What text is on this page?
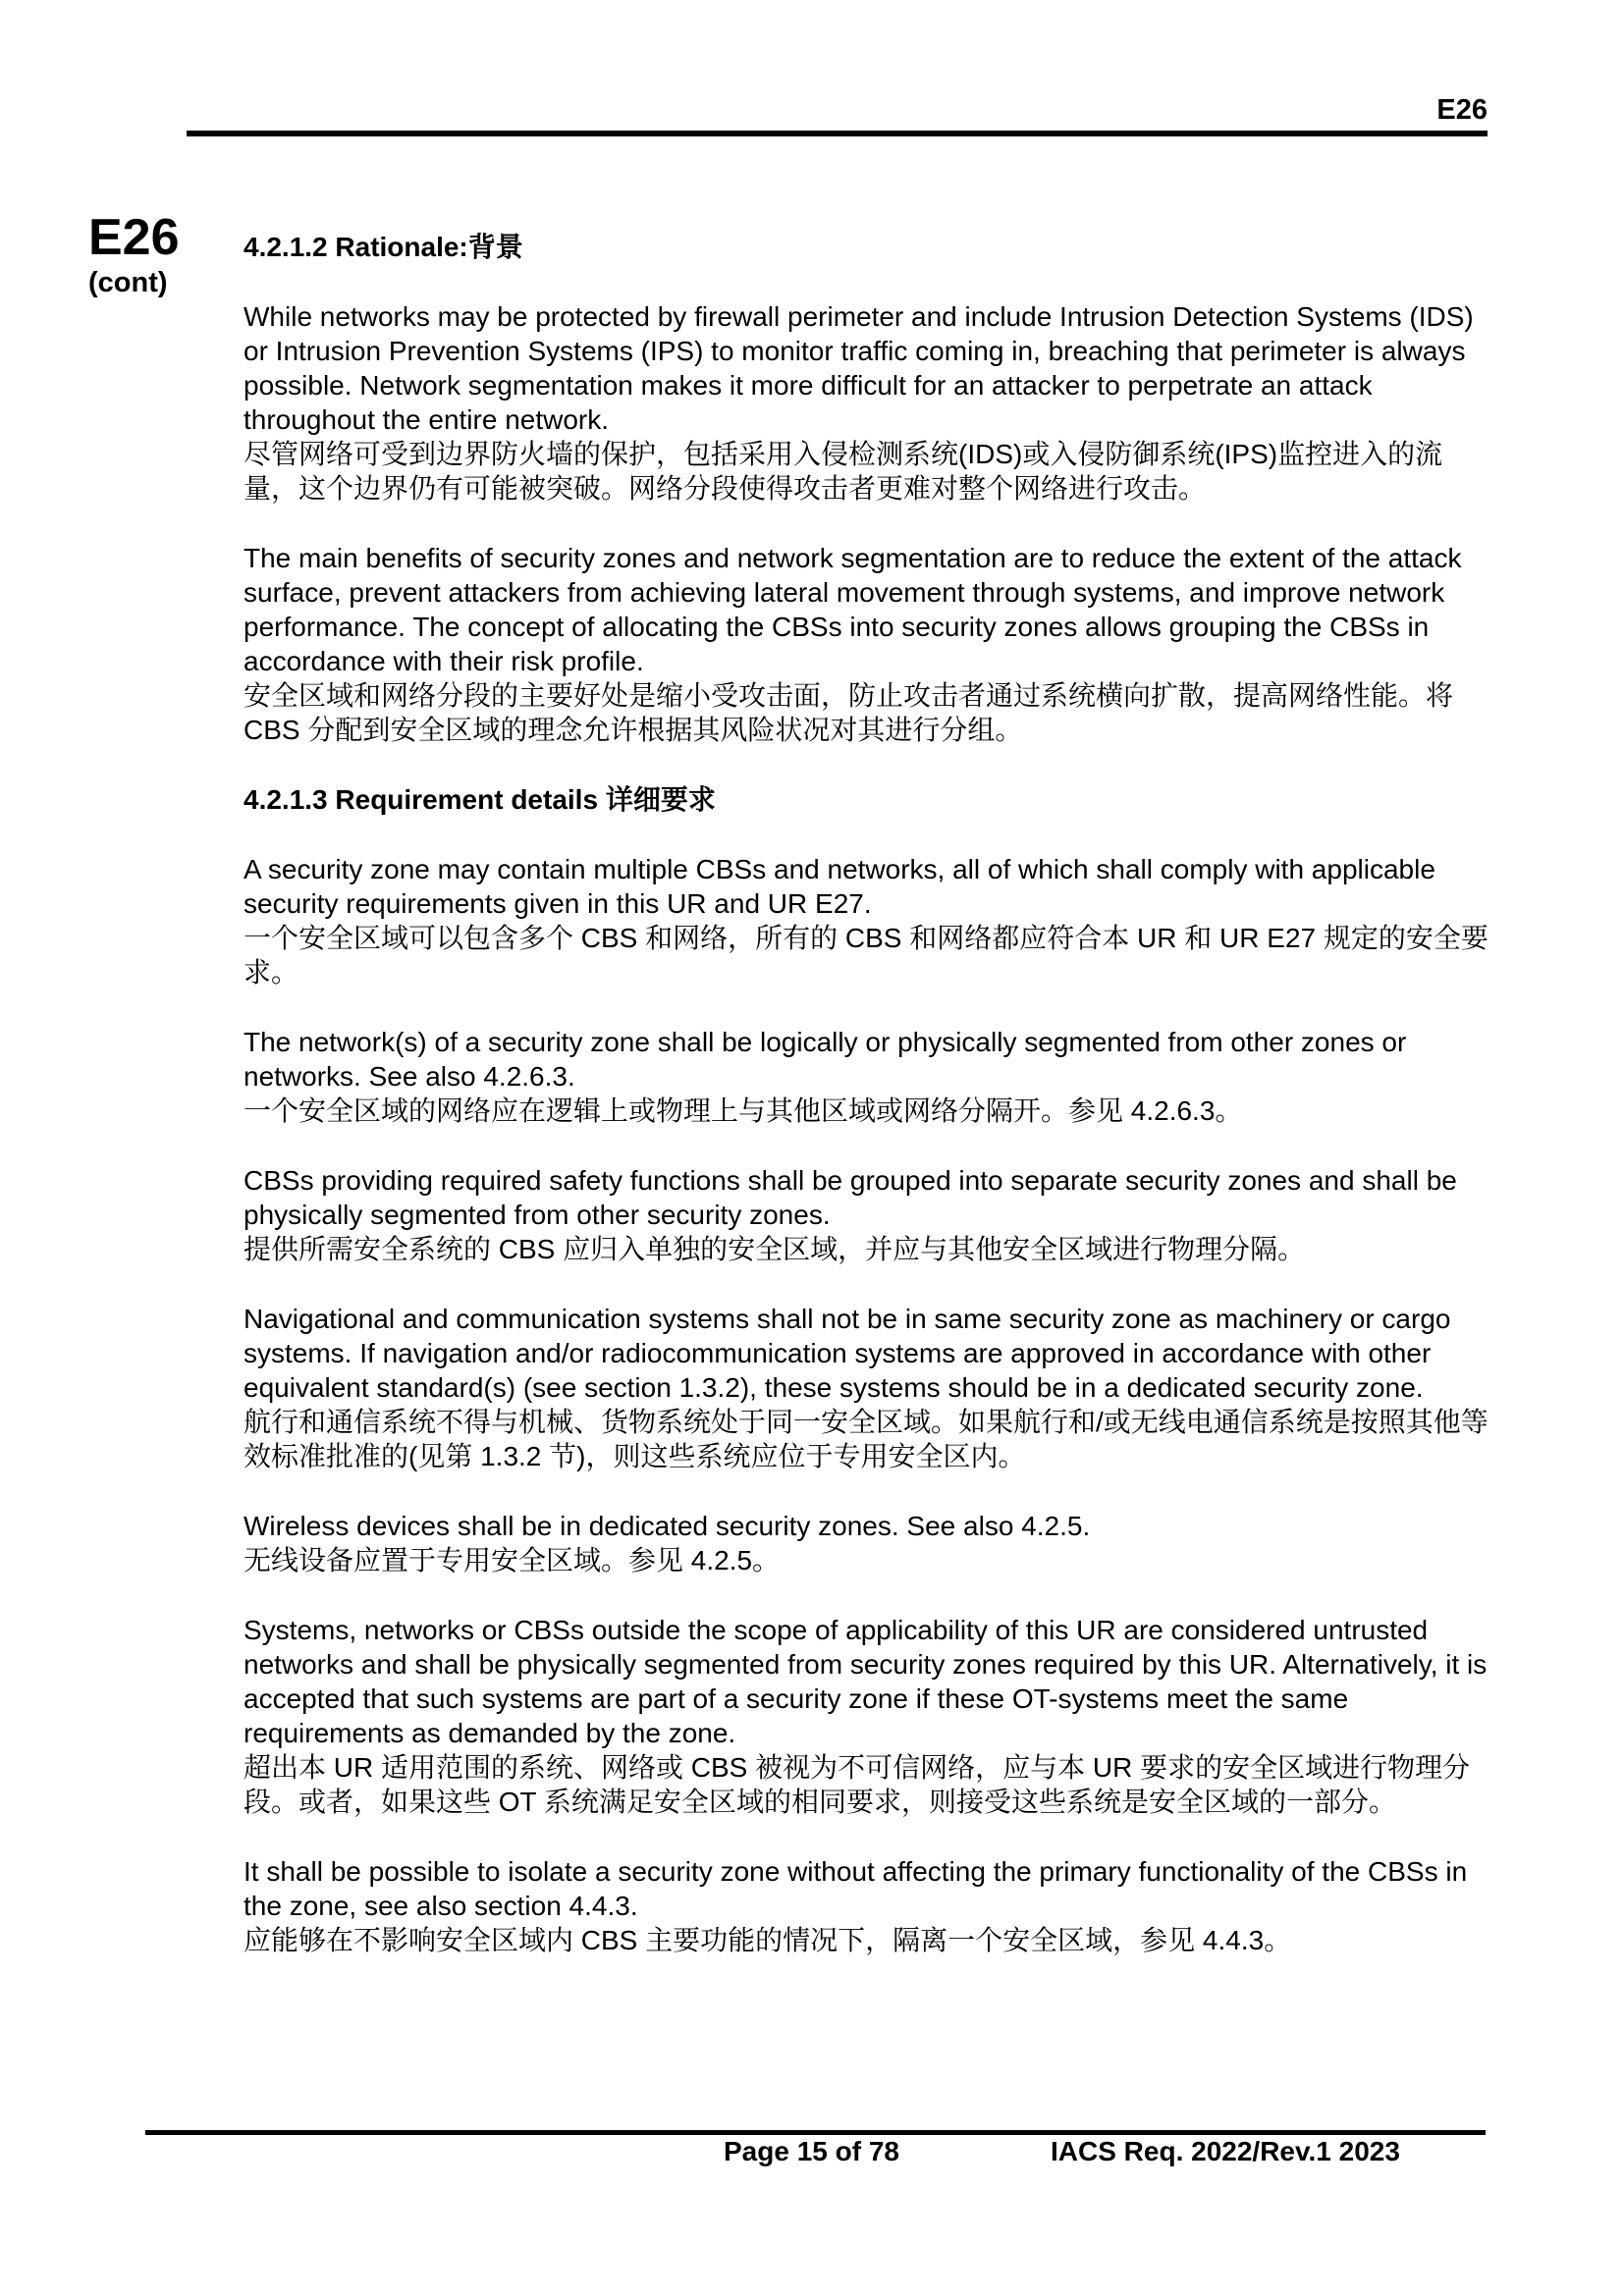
E26
E26
(cont)
4.2.1.2 Rationale:背景

While networks may be protected by firewall perimeter and include Intrusion Detection Systems (IDS) or Intrusion Prevention Systems (IPS) to monitor traffic coming in, breaching that perimeter is always possible. Network segmentation makes it more difficult for an attacker to perpetrate an attack throughout the entire network.
尽管网络可受到边界防火墙的保护，包括采用入侵检测系统(IDS)或入侵防御系统(IPS)监控进入的流量，这个边界仍有可能被突破。网络分段使得攻击者更难对整个网络进行攻击。

The main benefits of security zones and network segmentation are to reduce the extent of the attack surface, prevent attackers from achieving lateral movement through systems, and improve network performance. The concept of allocating the CBSs into security zones allows grouping the CBSs in accordance with their risk profile.
安全区域和网络分段的主要好处是缩小受攻击面，防止攻击者通过系统横向扩散，提高网络性能。将 CBS 分配到安全区域的理念允许根据其风险状况对其进行分组。

4.2.1.3 Requirement details 详细要求

A security zone may contain multiple CBSs and networks, all of which shall comply with applicable security requirements given in this UR and UR E27.
一个安全区域可以包含多个 CBS 和网络，所有的 CBS 和网络都应符合本 UR 和 UR E27 规定的安全要求。

The network(s) of a security zone shall be logically or physically segmented from other zones or networks. See also 4.2.6.3.
一个安全区域的网络应在逻辑上或物理上与其他区域或网络分隔开。参见 4.2.6.3。

CBSs providing required safety functions shall be grouped into separate security zones and shall be physically segmented from other security zones.
提供所需安全系统的 CBS 应归入单独的安全区域，并应与其他安全区域进行物理分隔。

Navigational and communication systems shall not be in same security zone as machinery or cargo systems. If navigation and/or radiocommunication systems are approved in accordance with other equivalent standard(s) (see section 1.3.2), these systems should be in a dedicated security zone.
航行和通信系统不得与机械、货物系统处于同一安全区域。如果航行和/或无线电通信系统是按照其他等效标准批准的(见第 1.3.2 节)，则这些系统应位于专用安全区内。

Wireless devices shall be in dedicated security zones. See also 4.2.5.
无线设备应置于专用安全区域。参见 4.2.5。

Systems, networks or CBSs outside the scope of applicability of this UR are considered untrusted networks and shall be physically segmented from security zones required by this UR. Alternatively, it is accepted that such systems are part of a security zone if these OT-systems meet the same requirements as demanded by the zone.
超出本 UR 适用范围的系统、网络或 CBS 被视为不可信网络，应与本 UR 要求的安全区域进行物理分段。或者，如果这些 OT 系统满足安全区域的相同要求，则接受这些系统是安全区域的一部分。

It shall be possible to isolate a security zone without affecting the primary functionality of the CBSs in the zone, see also section 4.4.3.
应能够在不影响安全区域内 CBS 主要功能的情况下，隔离一个安全区域，参见 4.4.3。

Page 15 of 78	IACS Req. 2022/Rev.1 2023
